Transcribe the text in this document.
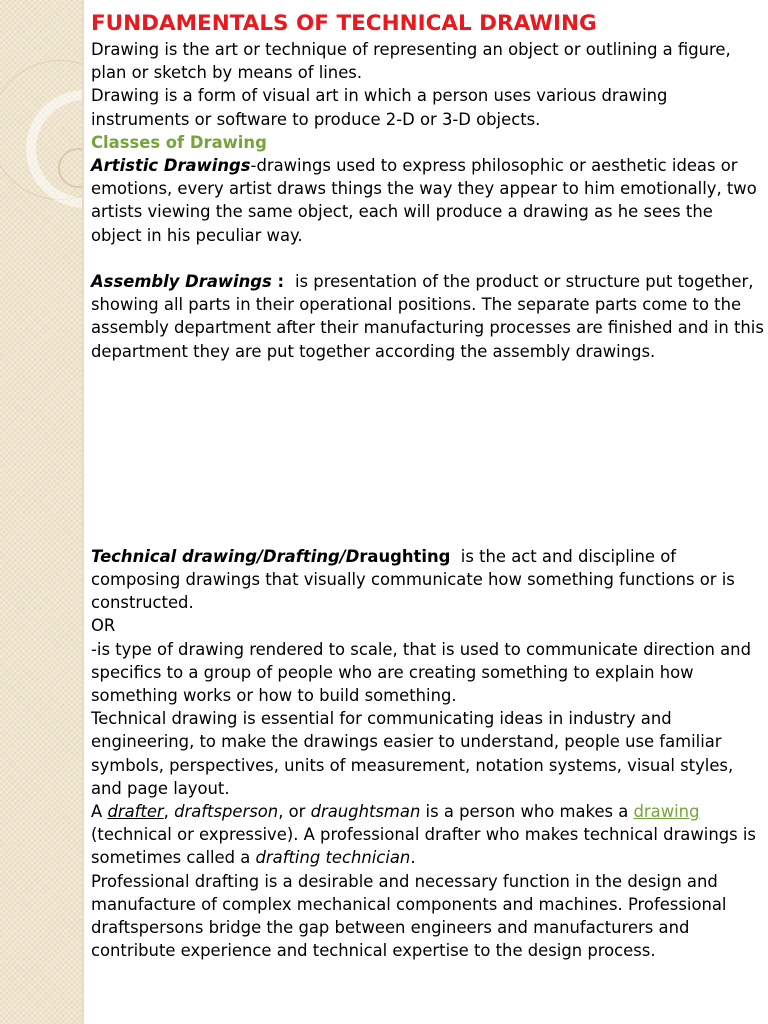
FUNDAMENTALS OF TECHNICAL DRAWING

Drawing is the art or technique of representing an object or outlining a figure, plan or sketch by means of lines.

Drawing is a form of visual art in which a person uses various drawing instruments or software to produce 2-D or 3-D objects.

Classes of Drawing

Artistic Drawings-drawings used to express philosophic or aesthetic ideas or emotions, every artist draws things the way they appear to him emotionally, two artists viewing the same object, each will produce a drawing as he sees the object in his peculiar way.

Assembly Drawings :  is presentation of the product or structure put together, showing all parts in their operational positions. The separate parts come to the assembly department after their manufacturing processes are finished and in this department they are put together according the assembly drawings.

Technical drawing/Drafting/Draughting  is the act and discipline of composing drawings that visually communicate how something functions or is constructed.

OR

-is type of drawing rendered to scale, that is used to communicate direction and specifics to a group of people who are creating something to explain how something works or how to build something.

Technical drawing is essential for communicating ideas in industry and engineering, to make the drawings easier to understand, people use familiar symbols, perspectives, units of measurement, notation systems, visual styles, and page layout.

A drafter, draftsperson, or draughtsman is a person who makes a drawing (technical or expressive). A professional drafter who makes technical drawings is sometimes called a drafting technician.

Professional drafting is a desirable and necessary function in the design and manufacture of complex mechanical components and machines. Professional draftspersons bridge the gap between engineers and manufacturers and contribute experience and technical expertise to the design process.
